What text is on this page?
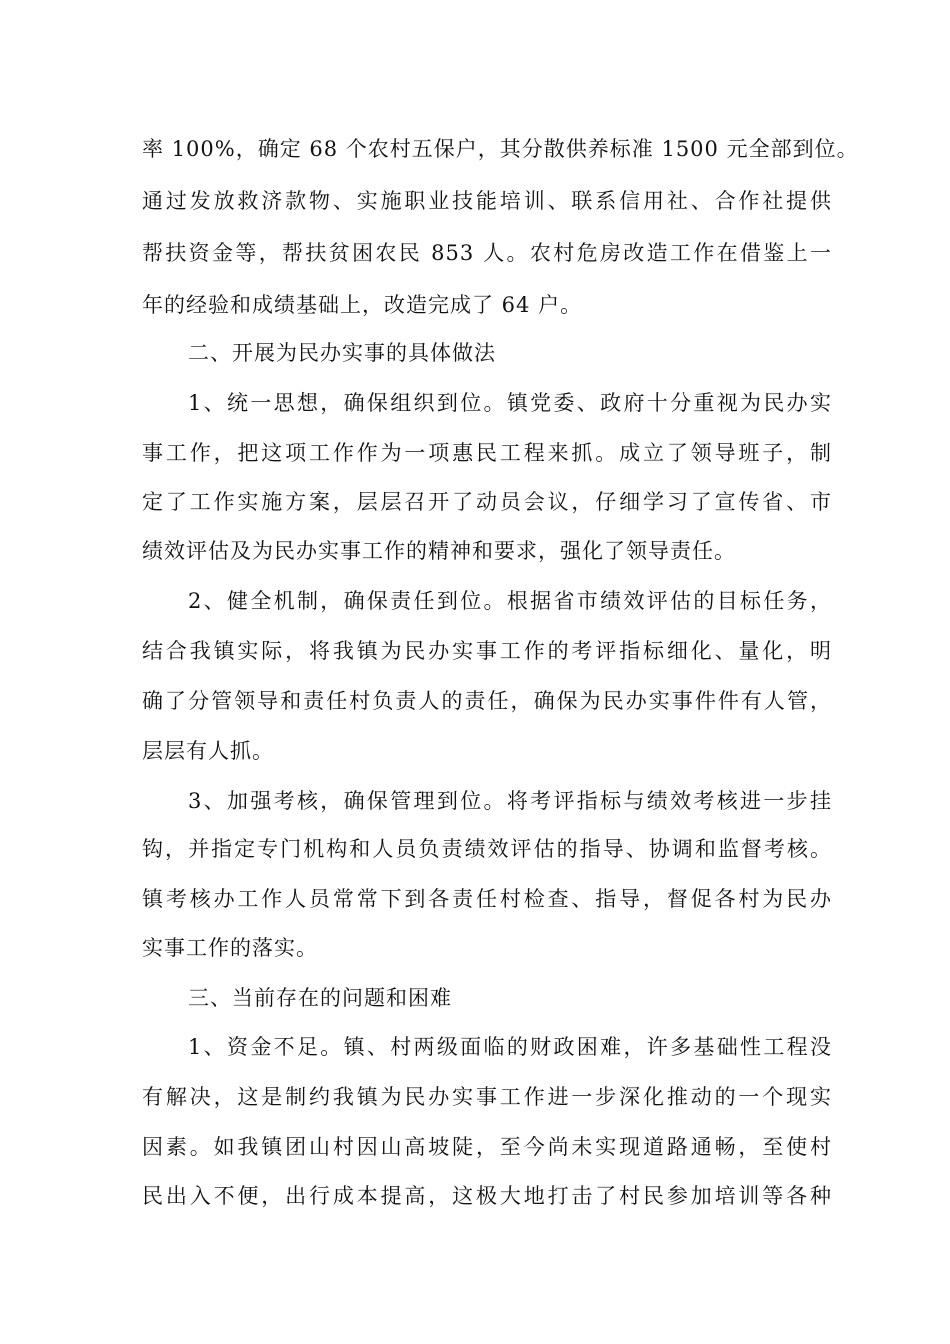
率 100%，确定 68 个农村五保户，其分散供养标准 1500 元全部到位。
通过发放救济款物、实施职业技能培训、联系信用社、合作社提供
帮扶资金等，帮扶贫困农民 853 人。农村危房改造工作在借鉴上一
年的经验和成绩基础上，改造完成了 64 户。
二、开展为民办实事的具体做法
1、统一思想，确保组织到位。镇党委、政府十分重视为民办实
事工作，把这项工作作为一项惠民工程来抓。成立了领导班子，制
定了工作实施方案，层层召开了动员会议，仔细学习了宣传省、市
绩效评估及为民办实事工作的精神和要求，强化了领导责任。
2、健全机制，确保责任到位。根据省市绩效评估的目标任务，
结合我镇实际，将我镇为民办实事工作的考评指标细化、量化，明
确了分管领导和责任村负责人的责任，确保为民办实事件件有人管，
层层有人抓。
3、加强考核，确保管理到位。将考评指标与绩效考核进一步挂
钩，并指定专门机构和人员负责绩效评估的指导、协调和监督考核。
镇考核办工作人员常常下到各责任村检查、指导，督促各村为民办
实事工作的落实。
三、当前存在的问题和困难
1、资金不足。镇、村两级面临的财政困难，许多基础性工程没
有解决，这是制约我镇为民办实事工作进一步深化推动的一个现实
因素。如我镇团山村因山高坡陡，至今尚未实现道路通畅，至使村
民出入不便，出行成本提高，这极大地打击了村民参加培训等各种
